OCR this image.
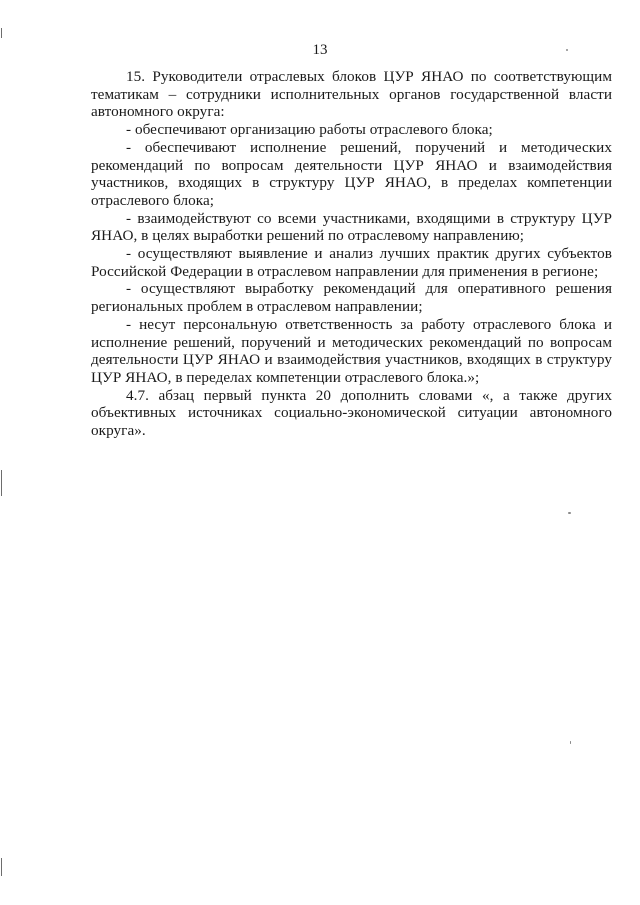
13

15. Руководители отраслевых блоков ЦУР ЯНАО по соответствующим тематикам – сотрудники исполнительных органов государственной власти автономного округа:

- обеспечивают организацию работы отраслевого блока;

- обеспечивают исполнение решений, поручений и методических рекомендаций по вопросам деятельности ЦУР ЯНАО и взаимодействия участников, входящих в структуру ЦУР ЯНАО, в пределах компетенции отраслевого блока;

- взаимодействуют со всеми участниками, входящими в структуру ЦУР ЯНАО, в целях выработки решений по отраслевому направлению;

- осуществляют выявление и анализ лучших практик других субъектов Российской Федерации в отраслевом направлении для применения в регионе;

- осуществляют выработку рекомендаций для оперативного решения региональных проблем в отраслевом направлении;

- несут персональную ответственность за работу отраслевого блока и исполнение решений, поручений и методических рекомендаций по вопросам деятельности ЦУР ЯНАО и взаимодействия участников, входящих в структуру ЦУР ЯНАО, в переделах компетенции отраслевого блока.»;

4.7. абзац первый пункта 20 дополнить словами «, а также других объективных источниках социально-экономической ситуации автономного округа».
